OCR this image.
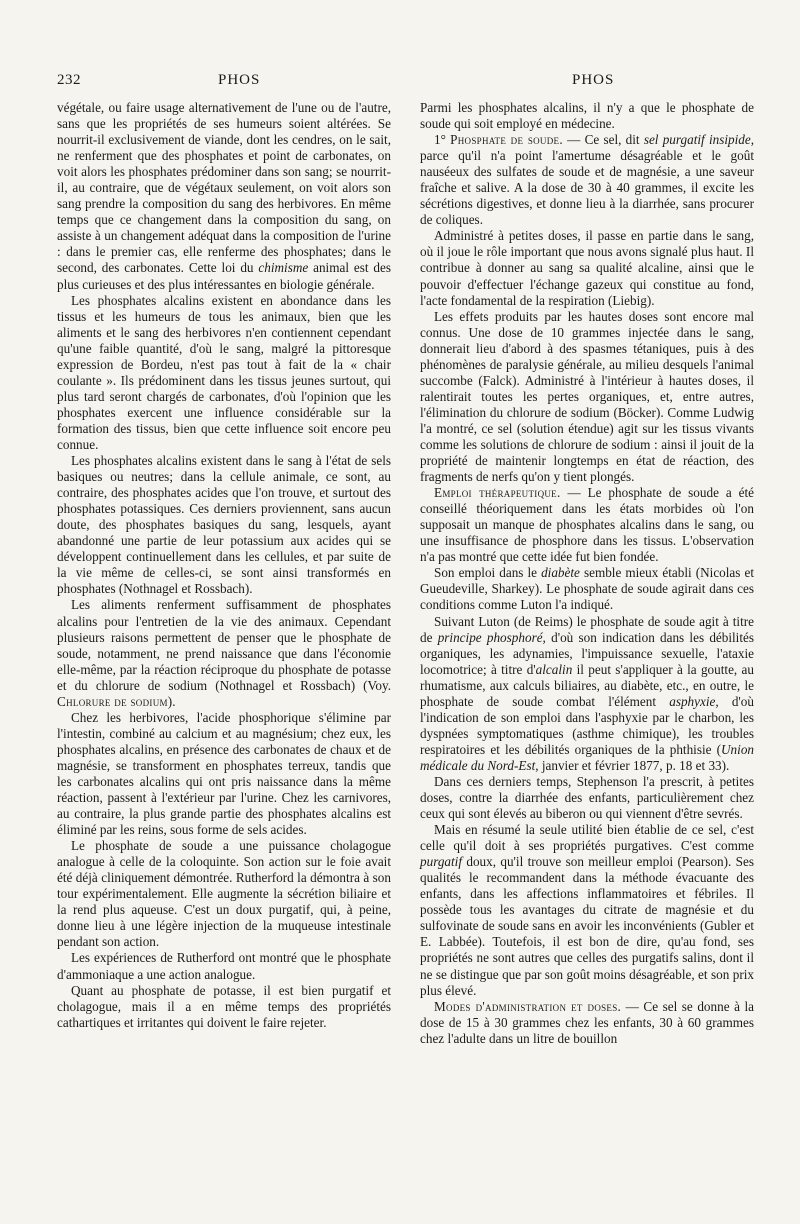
232	PHOS	PHOS

végétale, ou faire usage alternativement de l'une ou de l'autre, sans que les propriétés de ses humeurs soient altérées. Se nourrit-il exclusivement de viande, dont les cendres, on le sait, ne renferment que des phosphates et point de carbonates, on voit alors les phosphates prédominer dans son sang; se nourrit-il, au contraire, que de végétaux seulement, on voit alors son sang prendre la composition du sang des herbivores. En même temps que ce changement dans la composition du sang, on assiste à un changement adéquat dans la composition de l'urine : dans le premier cas, elle renferme des phosphates; dans le second, des carbonates. Cette loi du chimisme animal est des plus curieuses et des plus intéressantes en biologie générale.

Les phosphates alcalins existent en abondance dans les tissus et les humeurs de tous les animaux, bien que les aliments et le sang des herbivores n'en contiennent cependant qu'une faible quantité, d'où le sang, malgré la pittoresque expression de Bordeu, n'est pas tout à fait de la « chair coulante ». Ils prédominent dans les tissus jeunes surtout, qui plus tard seront chargés de carbonates, d'où l'opinion que les phosphates exercent une influence considérable sur la formation des tissus, bien que cette influence soit encore peu connue.

Les phosphates alcalins existent dans le sang à l'état de sels basiques ou neutres; dans la cellule animale, ce sont, au contraire, des phosphates acides que l'on trouve, et surtout des phosphates potassiques. Ces derniers proviennent, sans aucun doute, des phosphates basiques du sang, lesquels, ayant abandonné une partie de leur potassium aux acides qui se développent continuellement dans les cellules, et par suite de la vie même de celles-ci, se sont ainsi transformés en phosphates (Nothnagel et Rossbach).

Les aliments renferment suffisamment de phosphates alcalins pour l'entretien de la vie des animaux. Cependant plusieurs raisons permettent de penser que le phosphate de soude, notamment, ne prend naissance que dans l'économie elle-même, par la réaction réciproque du phosphate de potasse et du chlorure de sodium (Nothnagel et Rossbach) (Voy. Chlorure de sodium).

Chez les herbivores, l'acide phosphorique s'élimine par l'intestin, combiné au calcium et au magnésium; chez eux, les phosphates alcalins, en présence des carbonates de chaux et de magnésie, se transforment en phosphates terreux, tandis que les carbonates alcalins qui ont pris naissance dans la même réaction, passent à l'extérieur par l'urine. Chez les carnivores, au contraire, la plus grande partie des phosphates alcalins est éliminé par les reins, sous forme de sels acides.

Le phosphate de soude a une puissance cholagogue analogue à celle de la coloquinte. Son action sur le foie avait été déjà cliniquement démontrée. Rutherford la démontra à son tour expérimentalement. Elle augmente la sécrétion biliaire et la rend plus aqueuse. C'est un doux purgatif, qui, à peine, donne lieu à une légère injection de la muqueuse intestinale pendant son action.

Les expériences de Rutherford ont montré que le phosphate d'ammoniaque a une action analogue.

Quant au phosphate de potasse, il est bien purgatif et cholagogue, mais il a en même temps des propriétés cathartiques et irritantes qui doivent le faire rejeter.

Parmi les phosphates alcalins, il n'y a que le phosphate de soude qui soit employé en médecine.

1° Phosphate de soude. — Ce sel, dit sel purgatif insipide, parce qu'il n'a point l'amertume désagréable et le goût nauséeux des sulfates de soude et de magnésie, a une saveur fraîche et salive. A la dose de 30 à 40 grammes, il excite les sécrétions digestives, et donne lieu à la diarrhée, sans procurer de coliques.

Administré à petites doses, il passe en partie dans le sang, où il joue le rôle important que nous avons signalé plus haut. Il contribue à donner au sang sa qualité alcaline, ainsi que le pouvoir d'effectuer l'échange gazeux qui constitue au fond, l'acte fondamental de la respiration (Liebig).

Les effets produits par les hautes doses sont encore mal connus. Une dose de 10 grammes injectée dans le sang, donnerait lieu d'abord à des spasmes tétaniques, puis à des phénomènes de paralysie générale, au milieu desquels l'animal succombe (Falck). Administré à l'intérieur à hautes doses, il ralentirait toutes les pertes organiques, et, entre autres, l'élimination du chlorure de sodium (Böcker). Comme Ludwig l'a montré, ce sel (solution étendue) agit sur les tissus vivants comme les solutions de chlorure de sodium : ainsi il jouit de la propriété de maintenir longtemps en état de réaction, des fragments de nerfs qu'on y tient plongés.

Emploi thérapeutique. — Le phosphate de soude a été conseillé théoriquement dans les états morbides où l'on supposait un manque de phosphates alcalins dans le sang, ou une insuffisance de phosphore dans les tissus. L'observation n'a pas montré que cette idée fut bien fondée.

Son emploi dans le diabète semble mieux établi (Nicolas et Gueudeville, Sharkey). Le phosphate de soude agirait dans ces conditions comme Luton l'a indiqué.

Suivant Luton (de Reims) le phosphate de soude agit à titre de principe phosphoré, d'où son indication dans les débilités organiques, les adynamies, l'impuissance sexuelle, l'ataxie locomotrice; à titre d'alcalin il peut s'appliquer à la goutte, au rhumatisme, aux calculs biliaires, au diabète, etc., en outre, le phosphate de soude combat l'élément asphyxie, d'où l'indication de son emploi dans l'asphyxie par le charbon, les dyspnées symptomatiques (asthme chimique), les troubles respiratoires et les débilités organiques de la phthisie (Union médicale du Nord-Est, janvier et février 1877, p. 18 et 33).

Dans ces derniers temps, Stephenson l'a prescrit, à petites doses, contre la diarrhée des enfants, particulièrement chez ceux qui sont élevés au biberon ou qui viennent d'être sevrés.

Mais en résumé la seule utilité bien établie de ce sel, c'est celle qu'il doit à ses propriétés purgatives. C'est comme purgatif doux, qu'il trouve son meilleur emploi (Pearson). Ses qualités le recommandent dans la méthode évacuante des enfants, dans les affections inflammatoires et fébriles. Il possède tous les avantages du citrate de magnésie et du sulfovinate de soude sans en avoir les inconvénients (Gubler et E. Labbée). Toutefois, il est bon de dire, qu'au fond, ses propriétés ne sont autres que celles des purgatifs salins, dont il ne se distingue que par son goût moins désagréable, et son prix plus élevé.

Modes d'administration et doses. — Ce sel se donne à la dose de 15 à 30 grammes chez les enfants, 30 à 60 grammes chez l'adulte dans un litre de bouillon
